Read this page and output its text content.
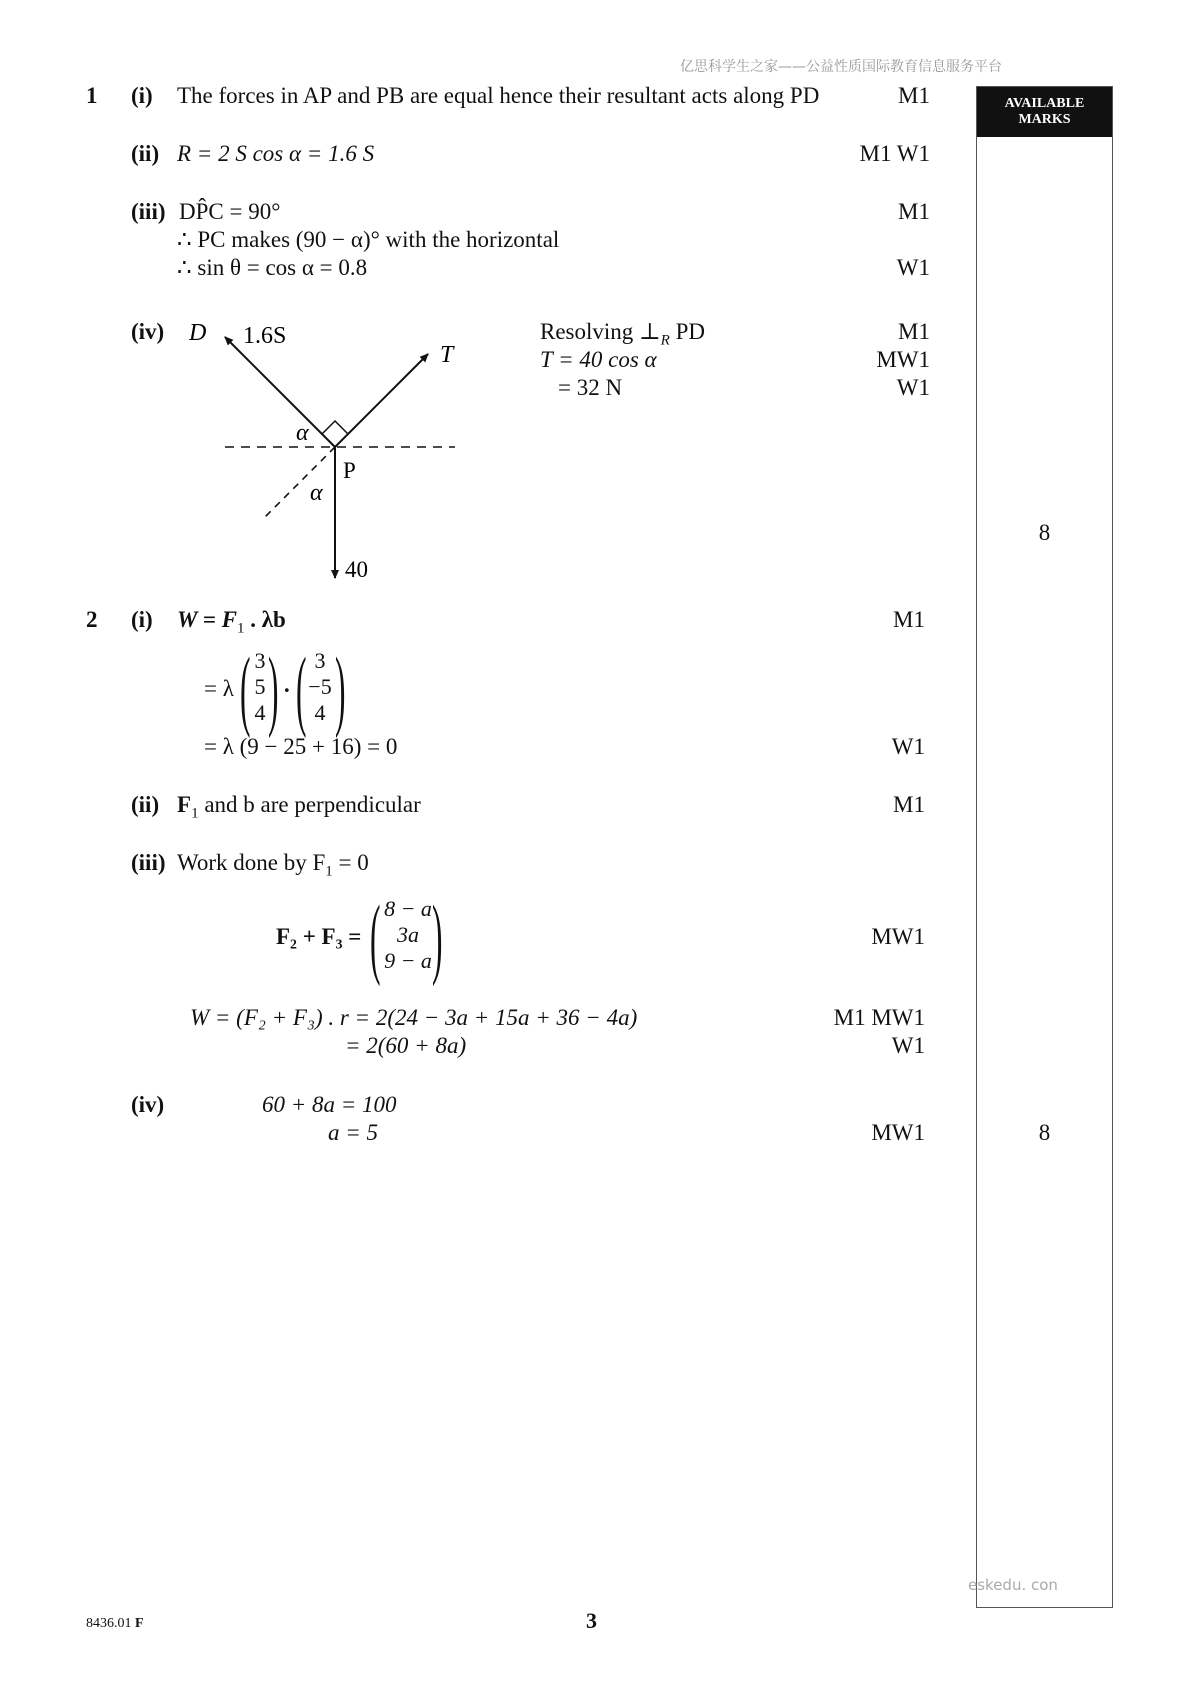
亿思科学生之家——公益性质国际教育信息服务平台
AVAILABLE
MARKS
1 (i) The forces in AP and PB are equal hence their resultant acts along PD	M1
(ii) R = 2 S cos α = 1.6 S	M1 W1
(iii) DP̂C = 90°	M1
∴ PC makes (90 − α)° with the horizontal
∴ sin θ = cos α = 0.8	W1
(iv) D 1.6S
T
α
P
α
40
Resolving $\perp_R$ PD	M1
T = 40 cos α	MW1
= 32 N	W1
8
2 (i) $W = F_1$ . λb	M1
= λ ( 3
5
4 ) · ( 3
−5
4 )
= λ (9 − 25 + 16) = 0	W1
(ii) $F_1$ and b are perpendicular	M1
(iii) Work done by $F_1 = 0$
F₂ + F₃ = ( 8 − a
3a
9 − a )	MW1
W = (F₂ + F₃) . r = 2(24 − 3a + 15a + 36 − 4a)	M1 MW1
= 2(60 + 8a)	W1
(iv)	60 + 8a = 100
a = 5	MW1	8
eskedu. con
8436.01 F	3
